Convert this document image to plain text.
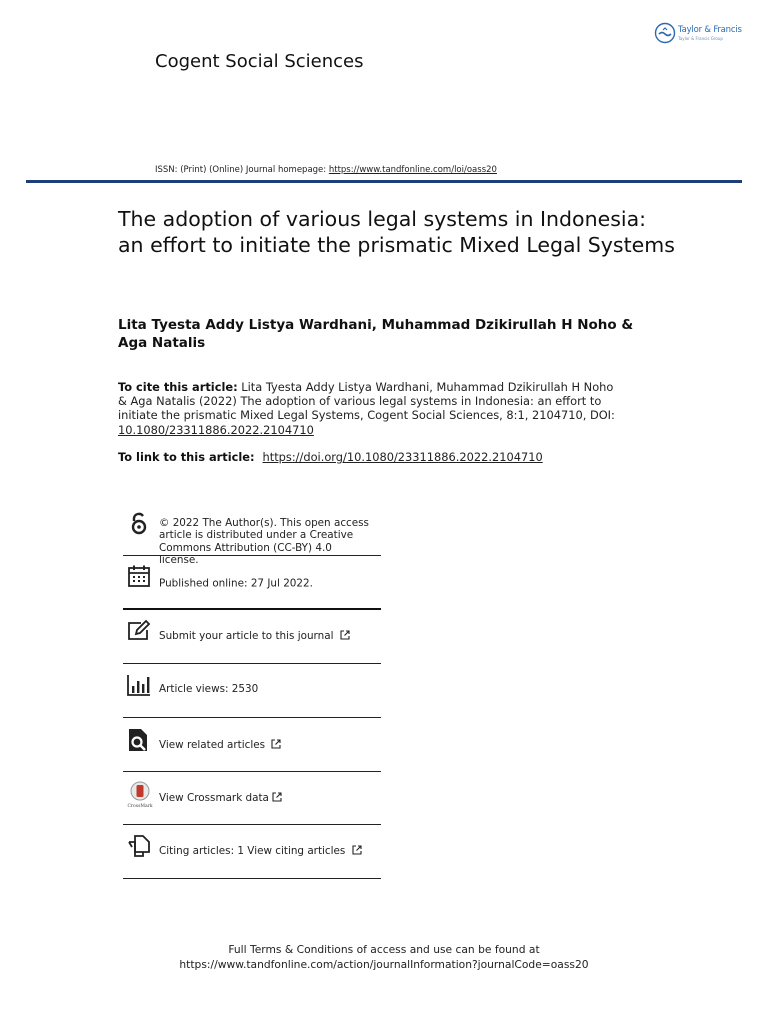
Taylor & Francis
Taylor & Francis Group
Cogent Social Sciences
ISSN: (Print) (Online) Journal homepage: https://www.tandfonline.com/loi/oass20
The adoption of various legal systems in Indonesia: an effort to initiate the prismatic Mixed Legal Systems
Lita Tyesta Addy Listya Wardhani, Muhammad Dzikirullah H Noho & Aga Natalis
To cite this article: Lita Tyesta Addy Listya Wardhani, Muhammad Dzikirullah H Noho & Aga Natalis (2022) The adoption of various legal systems in Indonesia: an effort to initiate the prismatic Mixed Legal Systems, Cogent Social Sciences, 8:1, 2104710, DOI: 10.1080/23311886.2022.2104710
To link to this article: https://doi.org/10.1080/23311886.2022.2104710
© 2022 The Author(s). This open access article is distributed under a Creative Commons Attribution (CC-BY) 4.0 license.
Published online: 27 Jul 2022.
Submit your article to this journal
Article views: 2530
View related articles
CrossMark
View Crossmark data
Citing articles: 1 View citing articles
Full Terms & Conditions of access and use can be found at
https://www.tandfonline.com/action/journalInformation?journalCode=oass20
